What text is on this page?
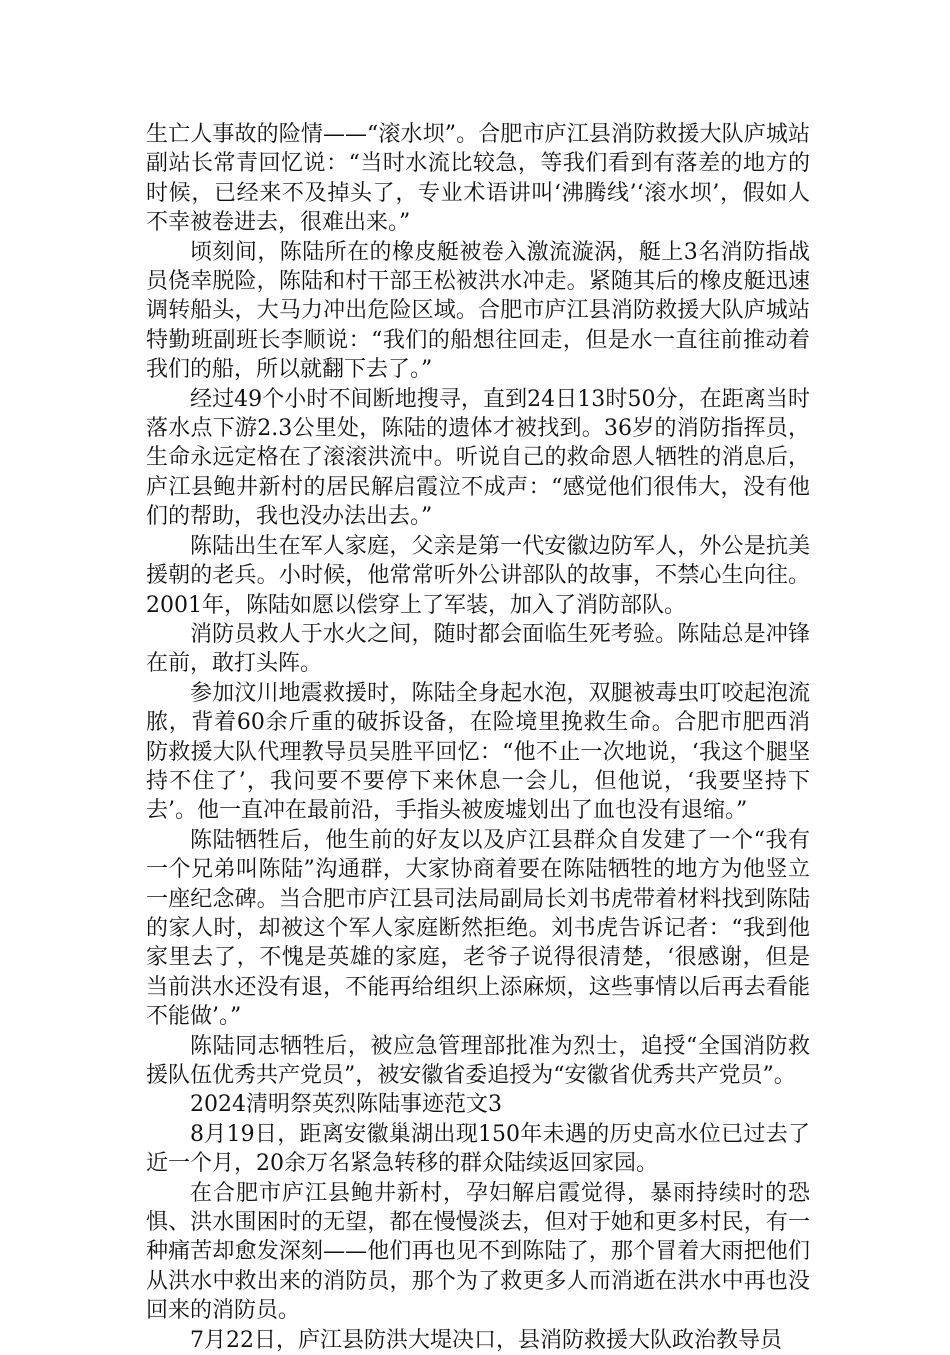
生亡人事故的险情——“滚水坝”。合肥市庐江县消防救援大队庐城站副站长常青回忆说：“当时水流比较急，等我们看到有落差的地方的时候，已经来不及掉头了，专业术语讲叫‘沸腾线’‘滚水坝’，假如人不幸被卷进去，很难出来。”

顷刻间，陈陆所在的橡皮艇被卷入激流漩涡，艇上3名消防指战员侥幸脱险，陈陆和村干部王松被洪水冲走。紧随其后的橡皮艇迅速调转船头，大马力冲出危险区域。合肥市庐江县消防救援大队庐城站特勤班副班长李顺说：“我们的船想往回走，但是水一直往前推动着我们的船，所以就翻下去了。”

经过49个小时不间断地搜寻，直到24日13时50分，在距离当时落水点下游2.3公里处，陈陆的遗体才被找到。36岁的消防指挥员，生命永远定格在了滚滚洪流中。听说自己的救命恩人牺牲的消息后，庐江县鲍井新村的居民解启霞泣不成声：“感觉他们很伟大，没有他们的帮助，我也没办法出去。”

陈陆出生在军人家庭，父亲是第一代安徽边防军人，外公是抗美援朝的老兵。小时候，他常常听外公讲部队的故事，不禁心生向往。2001年，陈陆如愿以偿穿上了军装，加入了消防部队。

消防员救人于水火之间，随时都会面临生死考验。陈陆总是冲锋在前，敢打头阵。

参加汶川地震救援时，陈陆全身起水泡，双腿被毒虫叮咬起泡流脓，背着60余斤重的破拆设备，在险境里挽救生命。合肥市肥西消防救援大队代理教导员吴胜平回忆：“他不止一次地说，‘我这个腿坚持不住了’，我问要不要停下来休息一会儿，但他说，‘我要坚持下去’。他一直冲在最前沿，手指头被废墟划出了血也没有退缩。”

陈陆牺牲后，他生前的好友以及庐江县群众自发建了一个“我有一个兄弟叫陈陆”沟通群，大家协商着要在陈陆牺牲的地方为他竖立一座纪念碑。当合肥市庐江县司法局副局长刘书虎带着材料找到陈陆的家人时，却被这个军人家庭断然拒绝。刘书虎告诉记者：“我到他家里去了，不愧是英雄的家庭，老爷子说得很清楚，‘很感谢，但是当前洪水还没有退，不能再给组织上添麻烦，这些事情以后再去看能不能做’。”

陈陆同志牺牲后，被应急管理部批准为烈士，追授“全国消防救援队伍优秀共产党员”，被安徽省委追授为“安徽省优秀共产党员”。

2024清明祭英烈陈陆事迹范文3

8月19日，距离安徽巢湖出现150年未遇的历史高水位已过去了近一个月，20余万名紧急转移的群众陆续返回家园。

在合肥市庐江县鲍井新村，孕妇解启霞觉得，暴雨持续时的恐惧、洪水围困时的无望，都在慢慢淡去，但对于她和更多村民，有一种痛苦却愈发深刻——他们再也见不到陈陆了，那个冒着大雨把他们从洪水中救出来的消防员，那个为了救更多人而消逝在洪水中再也没回来的消防员。

7月22日，庐江县防洪大堤决口，县消防救援大队政治教导员
